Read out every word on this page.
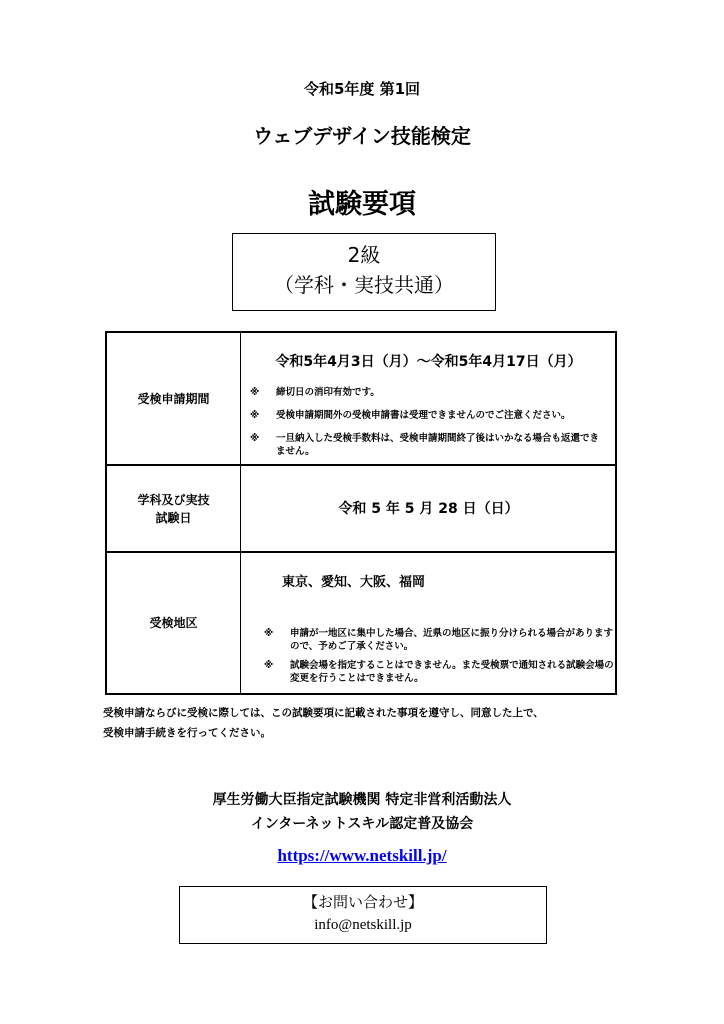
令和5年度 第1回
ウェブデザイン技能検定
試験要項
2級
（学科・実技共通）
受検申請期間
令和5年4月3日（月）～令和5年4月17日（月）
※ 締切日の消印有効です。
※ 受検申請期間外の受検申請書は受理できませんのでご注意ください。
※ 一旦納入した受検手数料は、受検申請期間終了後はいかなる場合も返還できません。
学科及び実技
試験日
令和 5 年 5 月 28 日（日）
受検地区
東京、愛知、大阪、福岡
※ 申請が一地区に集中した場合、近県の地区に振り分けられる場合がありますので、予めご了承ください。
※ 試験会場を指定することはできません。また受検票で通知される試験会場の変更を行うことはできません。
受検申請ならびに受検に際しては、この試験要項に記載された事項を遵守し、同意した上で、
受検申請手続きを行ってください。
厚生労働大臣指定試験機関 特定非営利活動法人
インターネットスキル認定普及協会
https://www.netskill.jp/
【お問い合わせ】
info@netskill.jp
